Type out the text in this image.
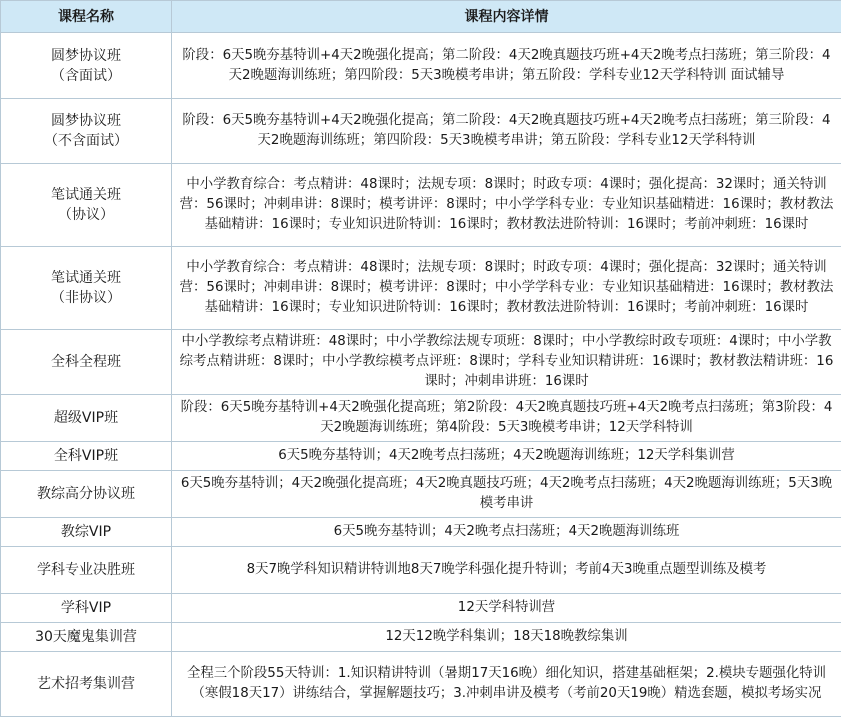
课程名称	课程内容详情
圆梦协议班
（含面试）	阶段：6天5晚夯基特训+4天2晚强化提高；第二阶段：4天2晚真题技巧班+4天2晚考点扫荡班；第三阶段：4天2晚题海训练班；第四阶段：5天3晚模考串讲；第五阶段：学科专业12天学科特训 面试辅导
圆梦协议班
（不含面试）	阶段：6天5晚夯基特训+4天2晚强化提高；第二阶段：4天2晚真题技巧班+4天2晚考点扫荡班；第三阶段：4天2晚题海训练班；第四阶段：5天3晚模考串讲；第五阶段：学科专业12天学科特训
笔试通关班
（协议）	中小学教育综合：考点精讲：48课时；法规专项：8课时；时政专项：4课时；强化提高：32课时；通关特训营：56课时；冲刺串讲：8课时；模考讲评：8课时；中小学学科专业：专业知识基础精进：16课时；教材教法基础精讲：16课时；专业知识进阶特训：16课时；教材教法进阶特训：16课时；考前冲刺班：16课时
笔试通关班
（非协议）	中小学教育综合：考点精讲：48课时；法规专项：8课时；时政专项：4课时；强化提高：32课时；通关特训营：56课时；冲刺串讲：8课时；模考讲评：8课时；中小学学科专业：专业知识基础精进：16课时；教材教法基础精讲：16课时；专业知识进阶特训：16课时；教材教法进阶特训：16课时；考前冲刺班：16课时
全科全程班	中小学教综考点精讲班：48课时；中小学教综法规专项班：8课时；中小学教综时政专项班：4课时；中小学教综考点精讲班：8课时；中小学教综模考点评班：8课时；学科专业知识精讲班：16课时；教材教法精讲班：16课时；冲刺串讲班：16课时
超级VIP班	阶段：6天5晚夯基特训+4天2晚强化提高班；第2阶段：4天2晚真题技巧班+4天2晚考点扫荡班；第3阶段：4天2晚题海训练班；第4阶段：5天3晚模考串讲；12天学科特训
全科VIP班	6天5晚夯基特训；4天2晚考点扫荡班；4天2晚题海训练班；12天学科集训营
教综高分协议班	6天5晚夯基特训；4天2晚强化提高班；4天2晚真题技巧班；4天2晚考点扫荡班；4天2晚题海训练班；5天3晚模考串讲
教综VIP	6天5晚夯基特训；4天2晚考点扫荡班；4天2晚题海训练班
学科专业决胜班	8天7晚学科知识精讲特训地8天7晚学科强化提升特训；考前4天3晚重点题型训练及模考
学科VIP	12天学科特训营
30天魔鬼集训营	12天12晚学科集训；18天18晚教综集训
艺术招考集训营	全程三个阶段55天特训：1.知识精讲特训（暑期17天16晚）细化知识，搭建基础框架；2.模块专题强化特训（寒假18天17）讲练结合，掌握解题技巧；3.冲刺串讲及模考（考前20天19晚）精选套题，模拟考场实况
